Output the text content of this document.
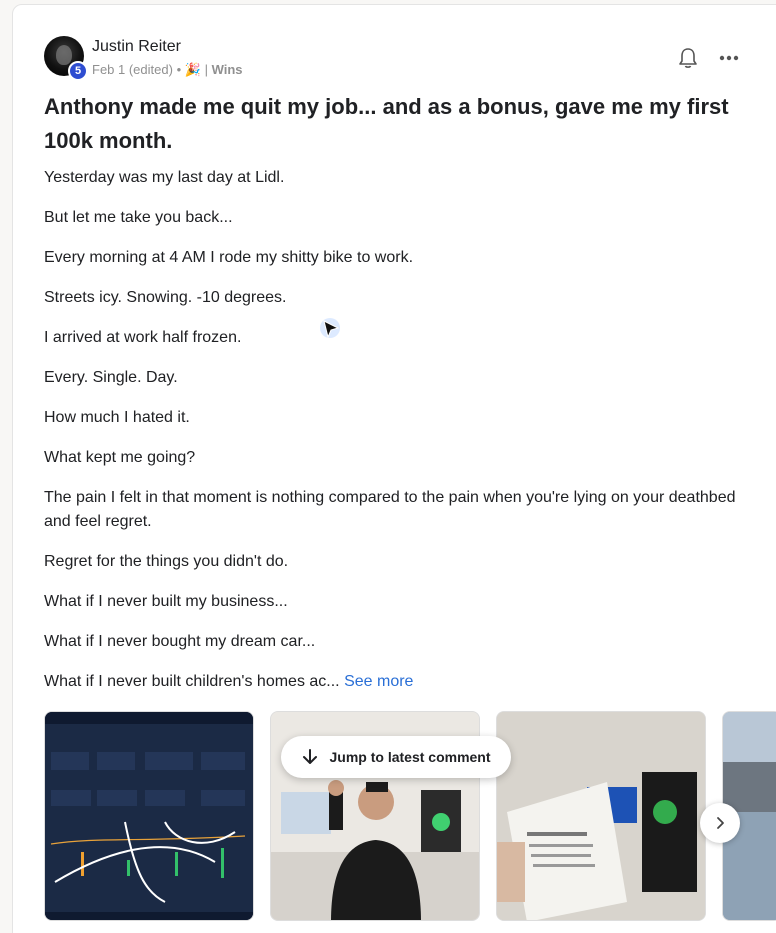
5
Justin Reiter
Feb 1 (edited) • 🎉 | Wins
Anthony made me quit my job... and as a bonus, gave me my first 100k month.

Yesterday was my last day at Lidl.

But let me take you back...

Every morning at 4 AM I rode my shitty bike to work.

Streets icy. Snowing. -10 degrees.

I arrived at work half frozen.

Every. Single. Day.

How much I hated it.

What kept me going?

The pain I felt in that moment is nothing compared to the pain when you're lying on your deathbed and feel regret.

Regret for the things you didn't do.

What if I never built my business...

What if I never bought my dream car...

What if I never built children's homes ac... See more

Jump to latest comment
